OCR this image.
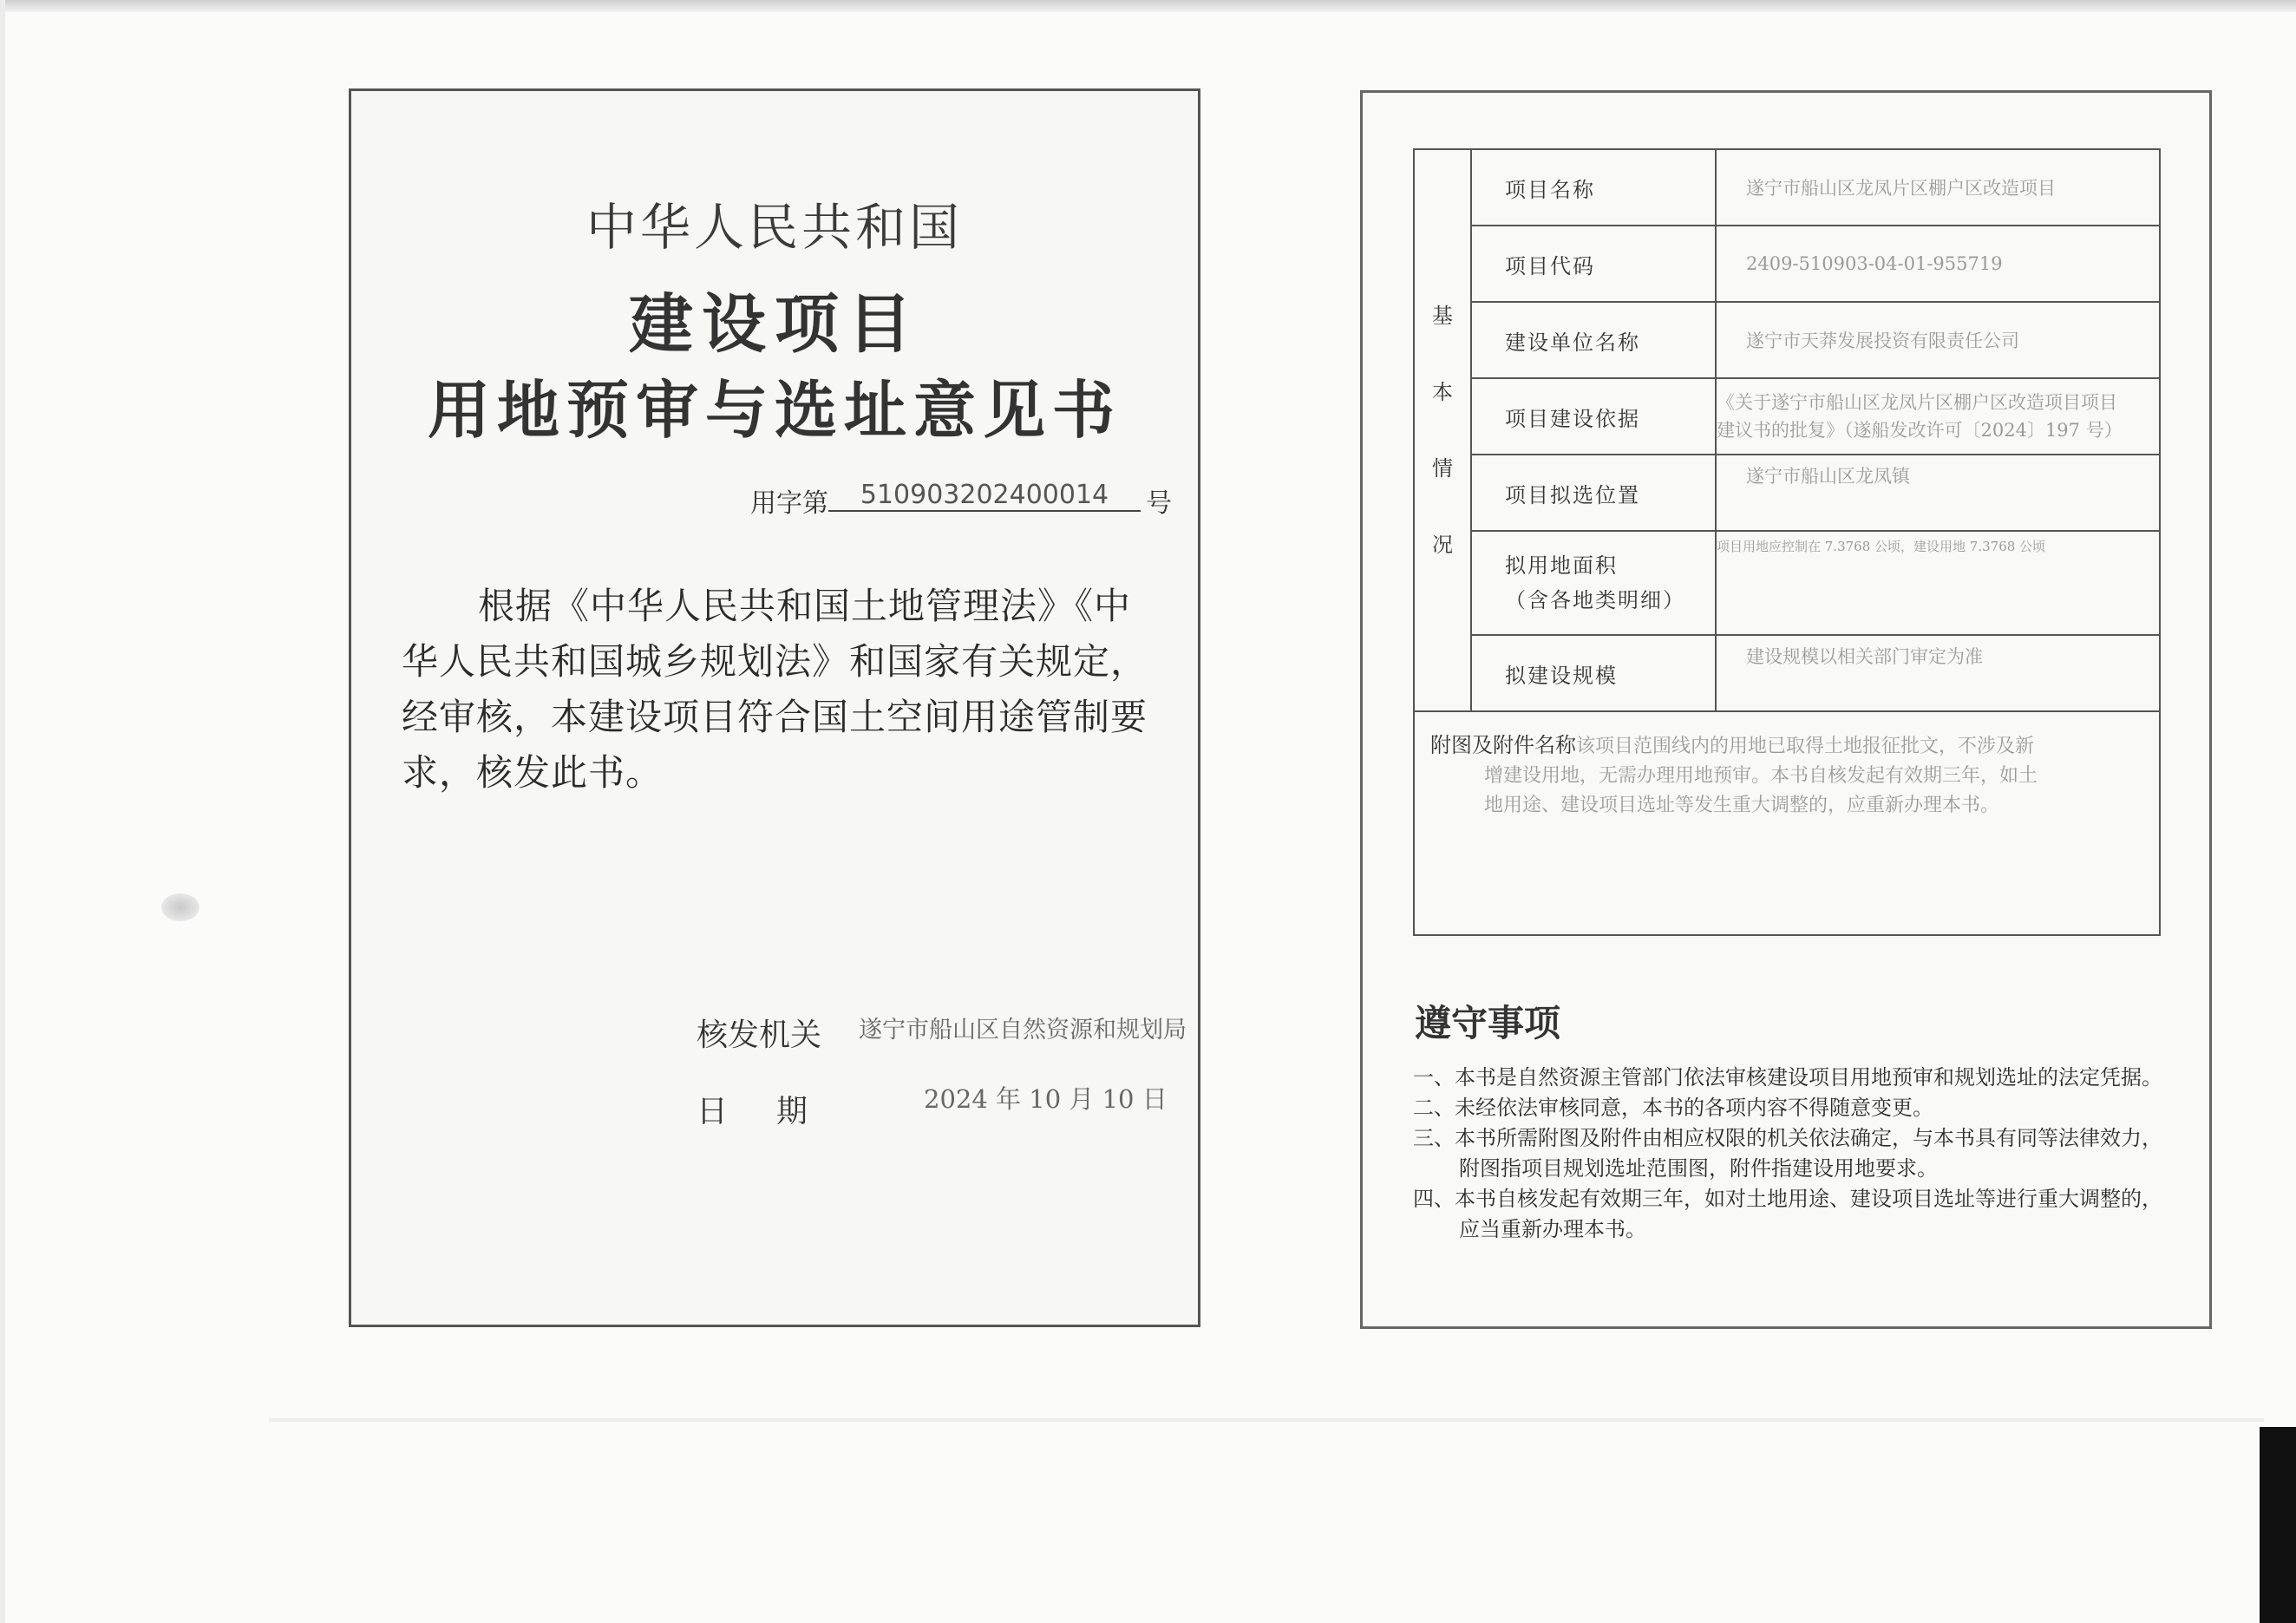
中华人民共和国
建设项目
用地预审与选址意见书
用字第 510903202400014 号
根据《中华人民共和国土地管理法》《中华人民共和国城乡规划法》和国家有关规定，经审核，本建设项目符合国土空间用途管制要求，核发此书。
核发机关 遂宁市船山区自然资源和规划局
日期	2024 年 10 月 10 日
基
本
情
况	项目名称	遂宁市船山区龙凤片区棚户区改造项目
	项目代码	2409-510903-04-01-955719
	建设单位名称	遂宁市天莽发展投资有限责任公司
	项目建设依据	《关于遂宁市船山区龙凤片区棚户区改造项目项目
建议书的批复》（遂船发改许可〔2024〕197 号）

	项目拟选位置	遂宁市船山区龙凤镇

	拟用地面积
（含各地类明细）	项目用地应控制在 7.3768 公顷，建设用地 7.3768 公顷
	拟建设规模	建设规模以相关部门审定为准

附图及附件名称该项目范围线内的用地已取得土地报征批文，不涉及新
增建设用地，无需办理用地预审。本书自核发起有效期三年，如土
地用途、建设项目选址等发生重大调整的，应重新办理本书。		
遵守事项
一、本书是自然资源主管部门依法审核建设项目用地预审和规划选址的法定凭据。
二、未经依法审核同意，本书的各项内容不得随意变更。
三、本书所需附图及附件由相应权限的机关依法确定，与本书具有同等法律效力，附图指项目规划选址范围图，附件指建设用地要求。
四、本书自核发起有效期三年，如对土地用途、建设项目选址等进行重大调整的，应当重新办理本书。
